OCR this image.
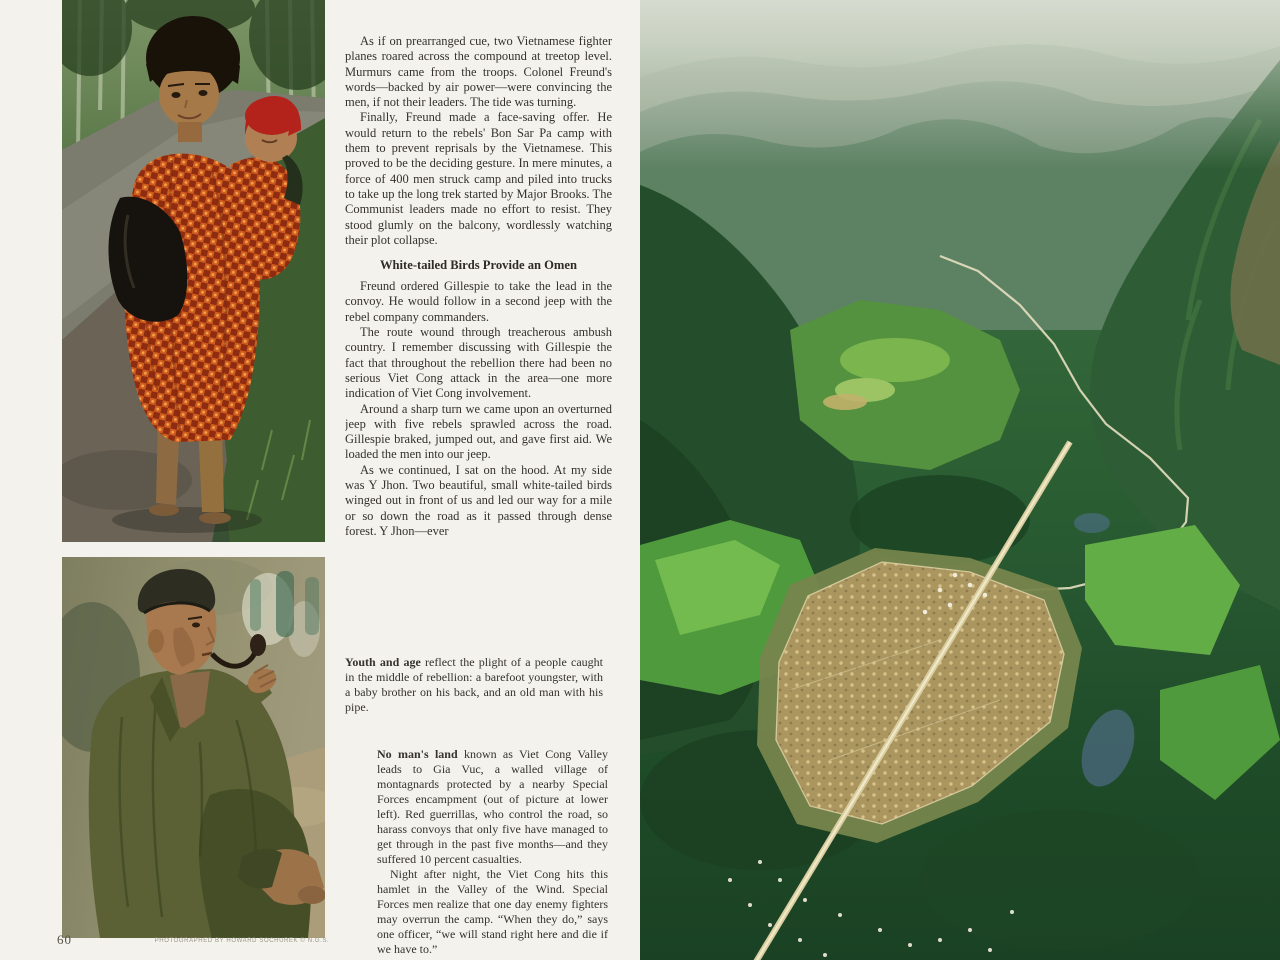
As if on prearranged cue, two Vietnamese fighter planes roared across the compound at treetop level. Murmurs came from the troops. Colonel Freund's words—backed by air power—were convincing the men, if not their leaders. The tide was turning.

Finally, Freund made a face-saving offer. He would return to the rebels' Bon Sar Pa camp with them to prevent reprisals by the Vietnamese. This proved to be the deciding gesture. In mere minutes, a force of 400 men struck camp and piled into trucks to take up the long trek started by Major Brooks. The Communist leaders made no effort to resist. They stood glumly on the balcony, wordlessly watching their plot collapse.

White-tailed Birds Provide an Omen

Freund ordered Gillespie to take the lead in the convoy. He would follow in a second jeep with the rebel company commanders.

The route wound through treacherous ambush country. I remember discussing with Gillespie the fact that throughout the rebellion there had been no serious Viet Cong attack in the area—one more indication of Viet Cong involvement.

Around a sharp turn we came upon an overturned jeep with five rebels sprawled across the road. Gillespie braked, jumped out, and gave first aid. We loaded the men into our jeep.

As we continued, I sat on the hood. At my side was Y Jhon. Two beautiful, small white-tailed birds winged out in front of us and led our way for a mile or so down the road as it passed through dense forest. Y Jhon—ever

Youth and age reflect the plight of a people caught in the middle of rebellion: a barefoot youngster, with a baby brother on his back, and an old man with his pipe.

No man's land known as Viet Cong Valley leads to Gia Vuc, a walled village of montagnards protected by a nearby Special Forces encampment (out of picture at lower left). Red guerrillas, who control the road, so harass convoys that only five have managed to get through in the past five months—and they suffered 10 percent casualties.

Night after night, the Viet Cong hits this hamlet in the Valley of the Wind. Special Forces men realize that one day enemy fighters may overrun the camp. “When they do,” says one officer, “we will stand right here and die if we have to.”

60	PHOTOGRAPHED BY HOWARD SOCHUREK © N.G.S.
